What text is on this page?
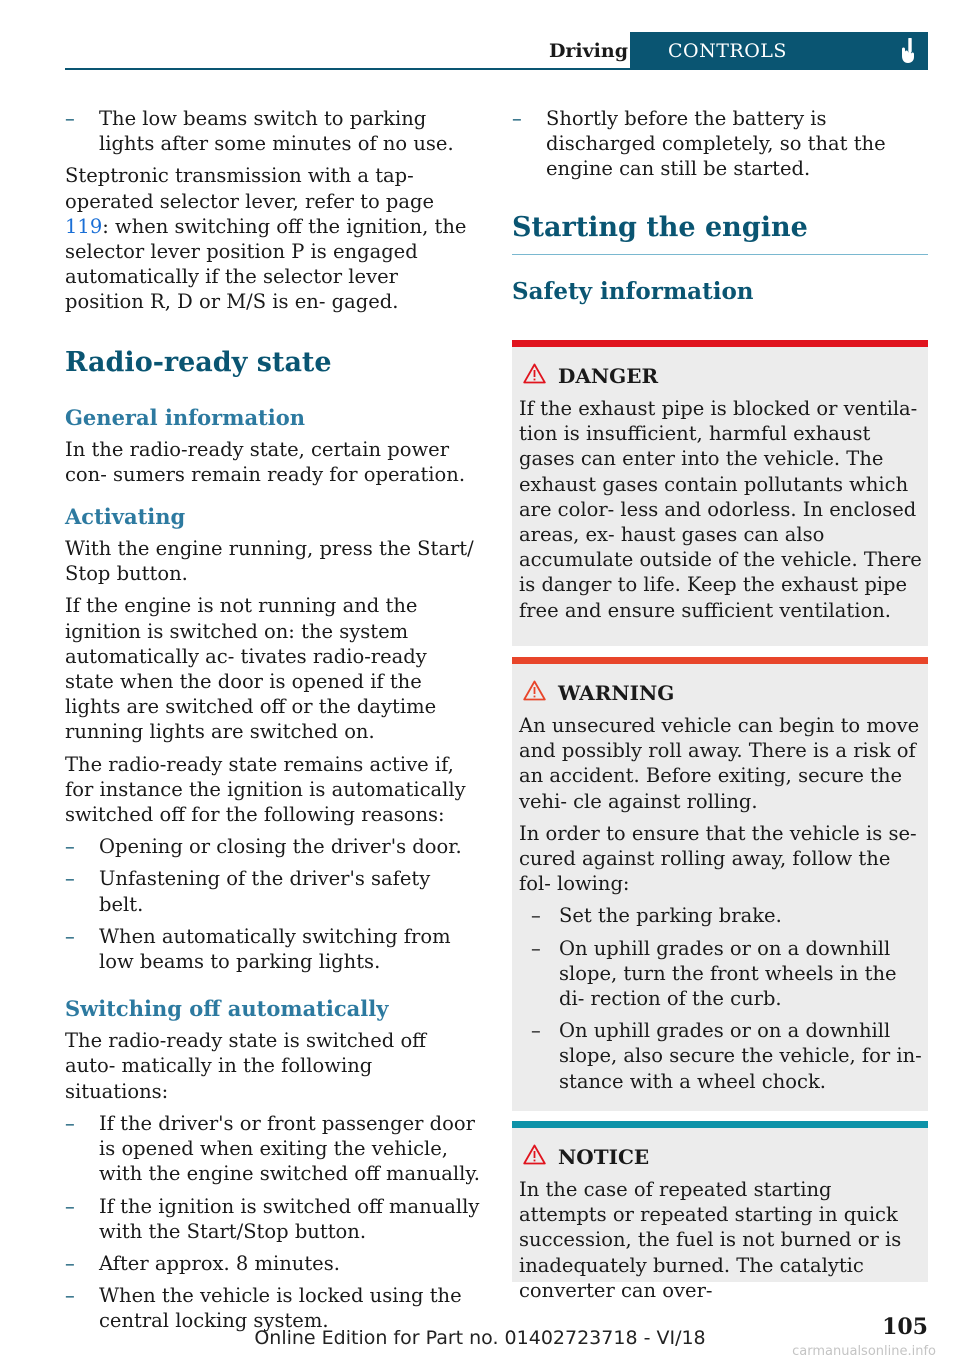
Driving	CONTROLS
– The low beams switch to parking lights after some minutes of no use.

Steptronic transmission with a tap-operated selector lever, refer to page 119: when switching off the ignition, the selector lever position P is engaged automatically if the selector lever position R, D or M/S is en‐ gaged.

Radio-ready state
General information

In the radio-ready state, certain power con‐ sumers remain ready for operation.

Activating

With the engine running, press the Start/ Stop button.

If the engine is not running and the ignition is switched on: the system automatically ac‐ tivates radio-ready state when the door is opened if the lights are switched off or the daytime running lights are switched on.

The radio-ready state remains active if, for instance the ignition is automatically switched off for the following reasons:

– Opening or closing the driver's door.
– Unfastening of the driver's safety belt.
– When automatically switching from low beams to parking lights.
Switching off automatically

The radio-ready state is switched off auto‐ matically in the following situations:

– If the driver's or front passenger door is opened when exiting the vehicle, with the engine switched off manually.
– If the ignition is switched off manually with the Start/Stop button.
– After approx. 8 minutes.
– When the vehicle is locked using the central locking system.
– Shortly before the battery is discharged completely, so that the engine can still be started.
Starting the engine
Safety information
DANGER

If the exhaust pipe is blocked or ventila‐ tion is insufficient, harmful exhaust gases can enter into the vehicle. The exhaust gases contain pollutants which are color‐ less and odorless. In enclosed areas, ex‐ haust gases can also accumulate outside of the vehicle. There is danger to life. Keep the exhaust pipe free and ensure sufficient ventilation.

WARNING

An unsecured vehicle can begin to move and possibly roll away. There is a risk of an accident. Before exiting, secure the vehi‐ cle against rolling.

In order to ensure that the vehicle is se‐ cured against rolling away, follow the fol‐ lowing:

– Set the parking brake.
– On uphill grades or on a downhill slope, turn the front wheels in the di‐ rection of the curb.
– On uphill grades or on a downhill slope, also secure the vehicle, for in‐ stance with a wheel chock.
NOTICE

In the case of repeated starting attempts or repeated starting in quick succession, the fuel is not burned or is inadequately burned. The catalytic converter can over‐

105
Online Edition for Part no. 01402723718 - VI/18
carmanualsonline.info
